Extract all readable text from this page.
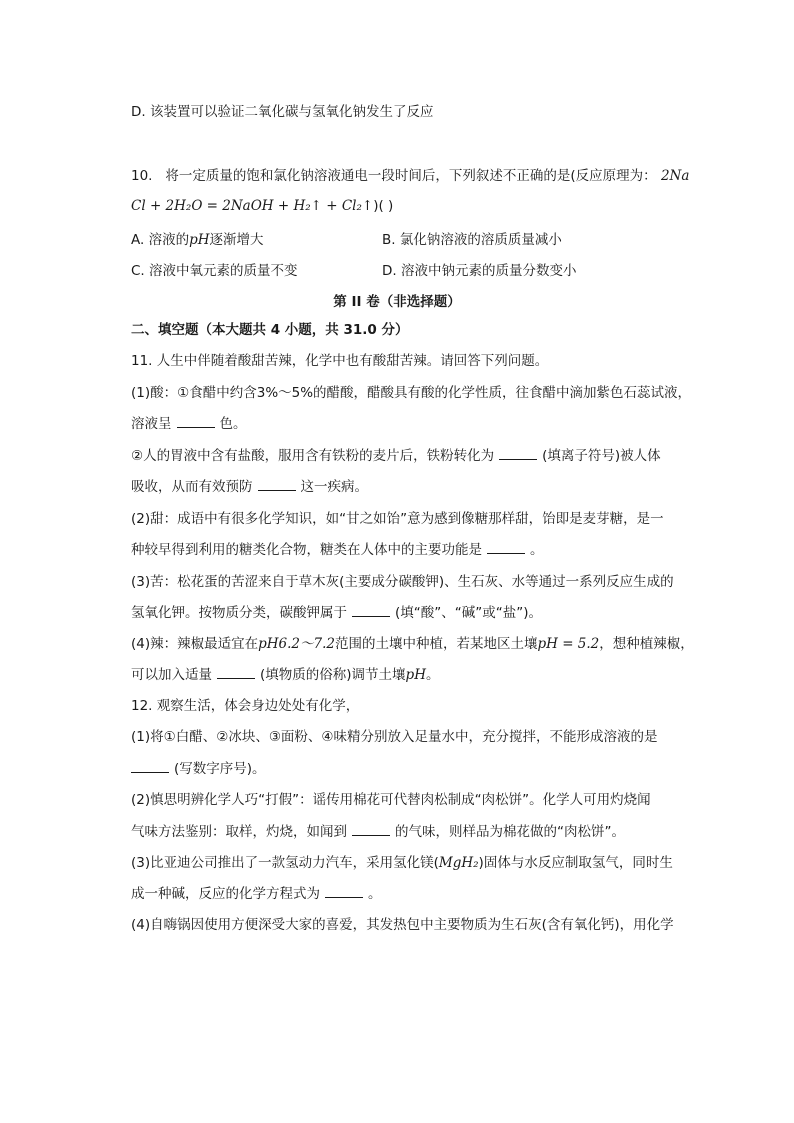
D. 该装置可以验证二氧化碳与氢氧化钠发生了反应
10. 将一定质量的饱和氯化钠溶液通电一段时间后，下列叙述不正确的是(反应原理为： 2Na
Cl + 2H₂O = 2NaOH + H₂↑ + Cl₂↑)( )
A. 溶液的pH逐渐增大	B. 氯化钠溶液的溶质质量减小
C. 溶液中氧元素的质量不变	D. 溶液中钠元素的质量分数变小
第 II 卷（非选择题）
二、填空题（本大题共 4 小题，共 31.0 分）
11. 人生中伴随着酸甜苦辣，化学中也有酸甜苦辣。请回答下列问题。
(1)酸：①食醋中约含3%～5%的醋酸，醋酸具有酸的化学性质，往食醋中滴加紫色石蕊试液，
溶液呈	色。
②人的胃液中含有盐酸，服用含有铁粉的麦片后，铁粉转化为	(填离子符号)被人体
吸收，从而有效预防	这一疾病。
(2)甜：成语中有很多化学知识，如“甘之如饴”意为感到像糖那样甜，饴即是麦芽糖，是一
种较早得到利用的糖类化合物，糖类在人体中的主要功能是	。
(3)苦：松花蛋的苦涩来自于草木灰(主要成分碳酸钾)、生石灰、水等通过一系列反应生成的
氢氧化钾。按物质分类，碳酸钾属于	(填“酸”、“碱”或“盐”)。
(4)辣：辣椒最适宜在pH6.2～7.2范围的土壤中种植，若某地区土壤pH = 5.2，想种植辣椒，
可以加入适量	(填物质的俗称)调节土壤pH。
12. 观察生活，体会身边处处有化学，
(1)将①白醋、②冰块、③面粉、④味精分别放入足量水中，充分搅拌，不能形成溶液的是
(写数字序号)。
(2)慎思明辨化学人巧“打假”：谣传用棉花可代替肉松制成“肉松饼”。化学人可用灼烧闻
气味方法鉴别：取样，灼烧，如闻到	的气味，则样品为棉花做的“肉松饼”。
(3)比亚迪公司推出了一款氢动力汽车，采用氢化镁(MgH₂)固体与水反应制取氢气，同时生
成一种碱，反应的化学方程式为	。
(4)自嗨锅因使用方便深受大家的喜爱，其发热包中主要物质为生石灰(含有氧化钙)，用化学
